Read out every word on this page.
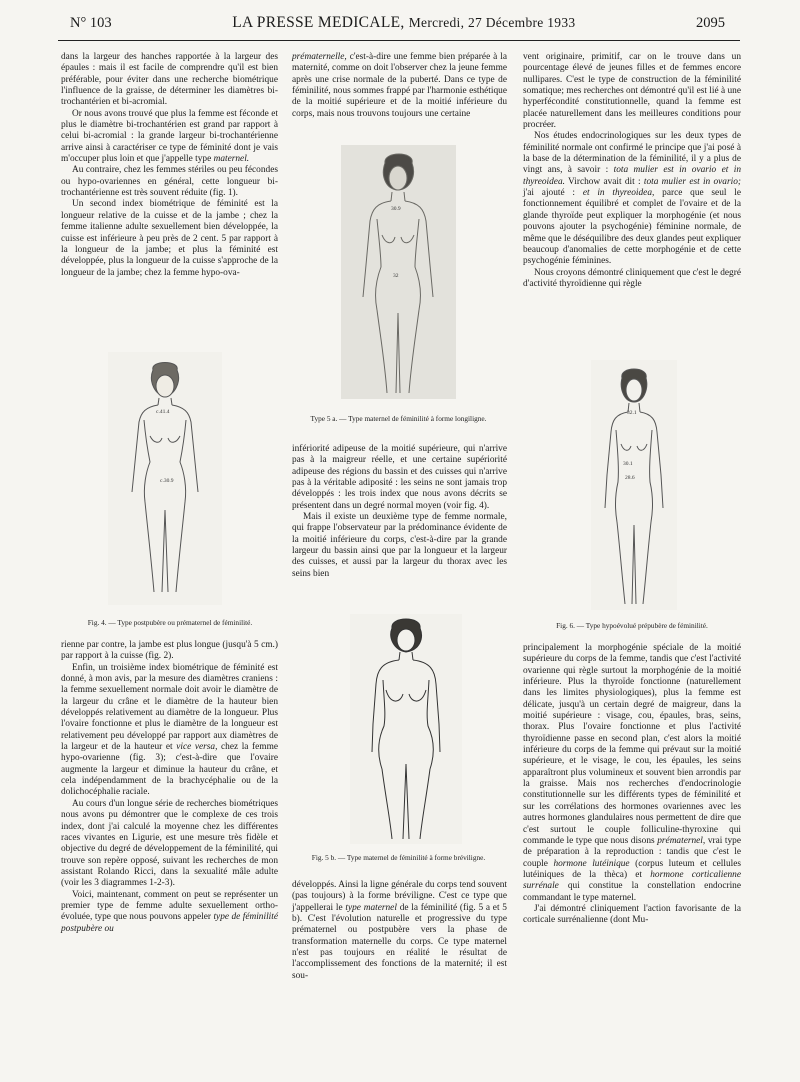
N° 103	LA PRESSE MEDICALE, Mercredi, 27 Décembre 1933	2095

dans la largeur des hanches rapportée à la largeur des épaules : mais il est facile de comprendre qu'il est bien préférable, pour éviter dans une recherche biométrique l'influence de la graisse, de déterminer les diamètres bi-trochantérien et bi-acromial.

Or nous avons trouvé que plus la femme est féconde et plus le diamètre bi-trochantérien est grand par rapport à celui bi-acromial : la grande largeur bi-trochantérienne arrive ainsi à caractériser ce type de féminité dont je vais m'occuper plus loin et que j'appelle type maternel.

Au contraire, chez les femmes stériles ou peu fécondes ou hypo-ovariennes en général, cette longueur bi-trochantérienne est très souvent réduite (fig. 1).

Un second index biométrique de féminité est la longueur relative de la cuisse et de la jambe ; chez la femme italienne adulte sexuellement bien développée, la cuisse est inférieure à peu près de 2 cent. 5 par rapport à la longueur de la jambe; et plus la féminité est développée, plus la longueur de la cuisse s'approche de la longueur de la jambe; chez la femme hypo-ova-

c.41.4
c.30.9
Fig. 4. — Type postpubère ou prématernel de féminilité.

rienne par contre, la jambe est plus longue (jusqu'à 5 cm.) par rapport à la cuisse (fig. 2).

Enfin, un troisième index biométrique de féminité est donné, à mon avis, par la mesure des diamètres craniens : la femme sexuellement normale doit avoir le diamètre de la largeur du crâne et le diamètre de la hauteur bien développés relativement au diamètre de la longueur. Plus l'ovaire fonctionne et plus le diamètre de la longueur est relativement peu développé par rapport aux diamètres de la largeur et de la hauteur et vice versa, chez la femme hypo-ovarienne (fig. 3); c'est-à-dire que l'ovaire augmente la largeur et diminue la hauteur du crâne, et cela indépendamment de la brachycéphalie ou de la dolichocéphalie raciale.

Au cours d'un longue série de recherches biométriques nous avons pu démontrer que le complexe de ces trois index, dont j'ai calculé la moyenne chez les différentes races vivantes en Ligurie, est une mesure très fidèle et objective du degré de développement de la féminilité, qui trouve son repère opposé, suivant les recherches de mon assistant Rolando Ricci, dans la sexualité mâle adulte (voir les 3 diagrammes 1-2-3).

Voici, maintenant, comment on peut se représenter un premier type de femme adulte sexuellement ortho-évoluée, type que nous pouvons appeler type de féminilité postpubère ou

prématernelle, c'est-à-dire une femme bien préparée à la maternité, comme on doit l'observer chez la jeune femme après une crise normale de la puberté. Dans ce type de féminilité, nous sommes frappé par l'harmonie esthétique de la moitié supérieure et de la moitié inférieure du corps, mais nous trouvons toujours une certaine

30.9
32
Type 5 a. — Type maternel de féminilité à forme longiligne.

infériorité adipeuse de la moitié supérieure, qui n'arrive pas à la maigreur réelle, et une certaine supériorité adipeuse des régions du bassin et des cuisses qui n'arrive pas à la véritable adiposité : les seins ne sont jamais trop développés : les trois index que nous avons décrits se présentent dans un degré normal moyen (voir fig. 4).

Mais il existe un deuxième type de femme normale, qui frappe l'observateur par la prédominance évidente de la moitié inférieure du corps, c'est-à-dire par la grande largeur du bassin ainsi que par la longueur et la largeur des cuisses, et aussi par la largeur du thorax avec les seins bien

Fig. 5 b. — Type maternel de féminilité à forme bréviligne.

développés. Ainsi la ligne générale du corps tend souvent (pas toujours) à la forme bréviligne. C'est ce type que j'appellerai le type maternel de la féminilité (fig. 5 a et 5 b). C'est l'évolution naturelle et progressive du type prématernel ou postpubère vers la phase de transformation maternelle du corps. Ce type maternel n'est pas toujours en réalité le résultat de l'accomplissement des fonctions de la maternité; il est sou-

vent originaire, primitif, car on le trouve dans un pourcentage élevé de jeunes filles et de femmes encore nullipares. C'est le type de construction de la féminilité somatique; mes recherches ont démontré qu'il est lié à une hyperfécondité constitutionnelle, quand la femme est placée naturellement dans les meilleures conditions pour procréer.

Nos études endocrinologiques sur les deux types de féminilité normale ont confirmé le principe que j'ai posé à la base de la détermination de la féminilité, il y a plus de vingt ans, à savoir : tota mulier est in ovario et in thyreoidea. Virchow avait dit : tota mulier est in ovario; j'ai ajouté : et in thyreoidea, parce que seul le fonctionnement équilibré et complet de l'ovaire et de la glande thyroïde peut expliquer la morphogénie (et nous pouvons ajouter la psychogénie) féminine normale, de même que le déséquilibre des deux glandes peut expliquer beaucoup d'anomalies de cette morphogénie et de cette psychogénie féminines.

Nous croyons démontré cliniquement que c'est le degré d'activité thyroïdienne qui règle

32.1
30.1
28.6
Fig. 6. — Type hypoévolué prépubère de féminilité.

principalement la morphogénie spéciale de la moitié supérieure du corps de la femme, tandis que c'est l'activité ovarienne qui règle surtout la morphogénie de la moitié inférieure. Plus la thyroïde fonctionne (naturellement dans les limites physiologiques), plus la femme est délicate, jusqu'à un certain degré de maigreur, dans la moitié supérieure : visage, cou, épaules, bras, seins, thorax. Plus l'ovaire fonctionne et plus l'activité thyroïdienne passe en second plan, c'est alors la moitié inférieure du corps de la femme qui prévaut sur la moitié supérieure, et le visage, le cou, les épaules, les seins apparaîtront plus volumineux et souvent bien arrondis par la graisse. Mais nos recherches d'endocrinologie constitutionnelle sur les différents types de féminilité et sur les corrélations des hormones ovariennes avec les autres hormones glandulaires nous permettent de dire que c'est surtout le couple folliculine-thyroxine qui commande le type que nous disons prématernel, vrai type de préparation à la reproduction : tandis que c'est le couple hormone lutéinique (corpus luteum et cellules lutéiniques de la thèca) et hormone corticalienne surrénale qui constitue la constellation endocrine commandant le type maternel.

J'ai démontré cliniquement l'action favorisante de la corticale surrénalienne (dont Mu-
